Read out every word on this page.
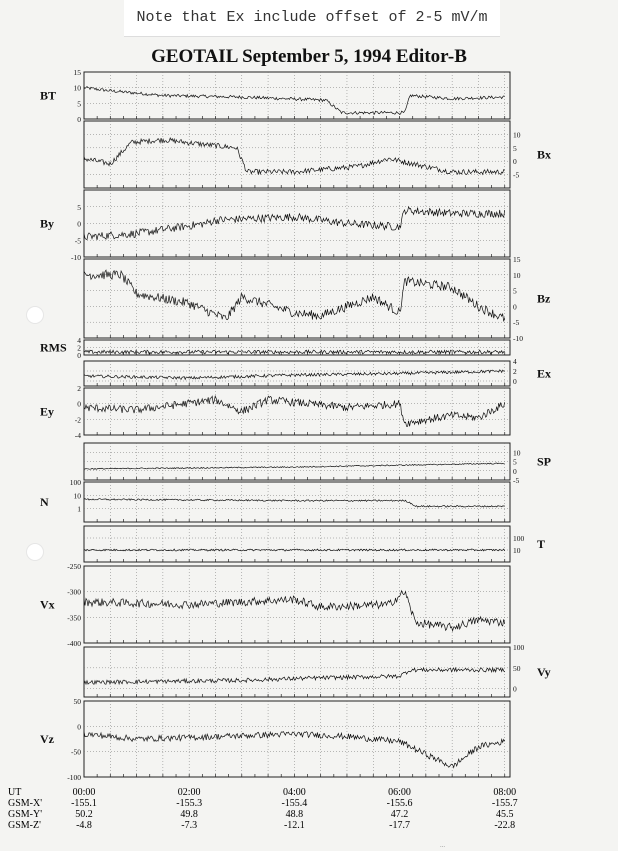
Note that Ex include offset of 2-5 mV/m
GEOTAIL September 5, 1994 Editor-B
15
10
5
0
BT
10
5
0
-5
Bx
5
0
-5
-10
By
15
10
5
0
-5
-10
Bz
4
2
0
RMS
4
2
0
Ex
2
0
-2
-4
Ey
10
5
0
-5
SP
100
10
1
N
100
10 T
-250
-300
-350
-400
Vx
100
50
0
Vy
50
0
-50
-100
Vz
UT	00:00	02:00	04:00	06:00	08:00
GSM-X'	-155.1	-155.3	-155.4	-155.6	-155.7
GSM-Y'	50.2	49.8	48.8	47.2	45.5
GSM-Z'	-4.8	-7.3	-12.1	-17.7	-22.8
...
